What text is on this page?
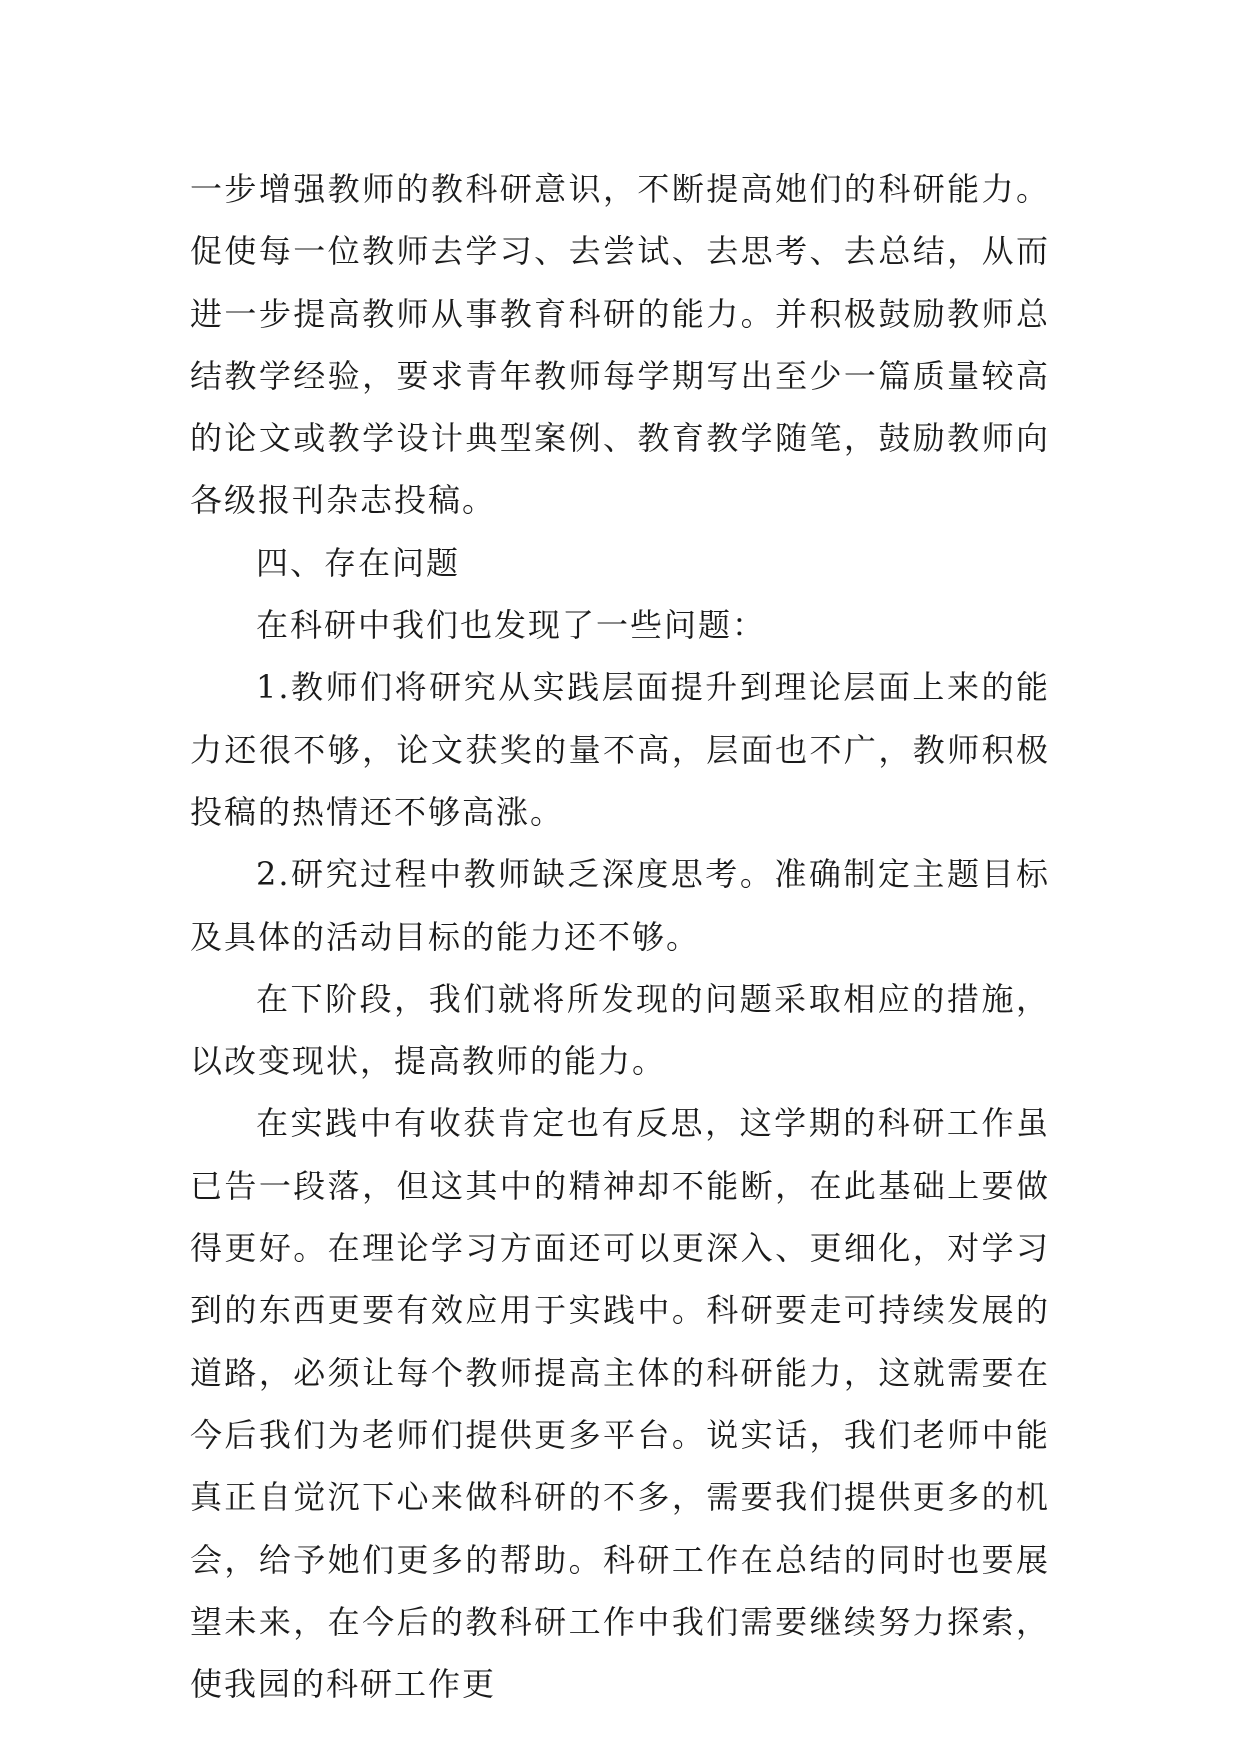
一步增强教师的教科研意识，不断提高她们的科研能力。促使每一位教师去学习、去尝试、去思考、去总结，从而进一步提高教师从事教育科研的能力。并积极鼓励教师总结教学经验，要求青年教师每学期写出至少一篇质量较高的论文或教学设计典型案例、教育教学随笔，鼓励教师向各级报刊杂志投稿。

四、存在问题

在科研中我们也发现了一些问题：

1.教师们将研究从实践层面提升到理论层面上来的能力还很不够，论文获奖的量不高，层面也不广，教师积极投稿的热情还不够高涨。

2.研究过程中教师缺乏深度思考。准确制定主题目标及具体的活动目标的能力还不够。

在下阶段，我们就将所发现的问题采取相应的措施，以改变现状，提高教师的能力。

在实践中有收获肯定也有反思，这学期的科研工作虽已告一段落，但这其中的精神却不能断，在此基础上要做得更好。在理论学习方面还可以更深入、更细化，对学习到的东西更要有效应用于实践中。科研要走可持续发展的道路，必须让每个教师提高主体的科研能力，这就需要在今后我们为老师们提供更多平台。说实话，我们老师中能真正自觉沉下心来做科研的不多，需要我们提供更多的机会，给予她们更多的帮助。科研工作在总结的同时也要展望未来，在今后的教科研工作中我们需要继续努力探索，使我园的科研工作更
